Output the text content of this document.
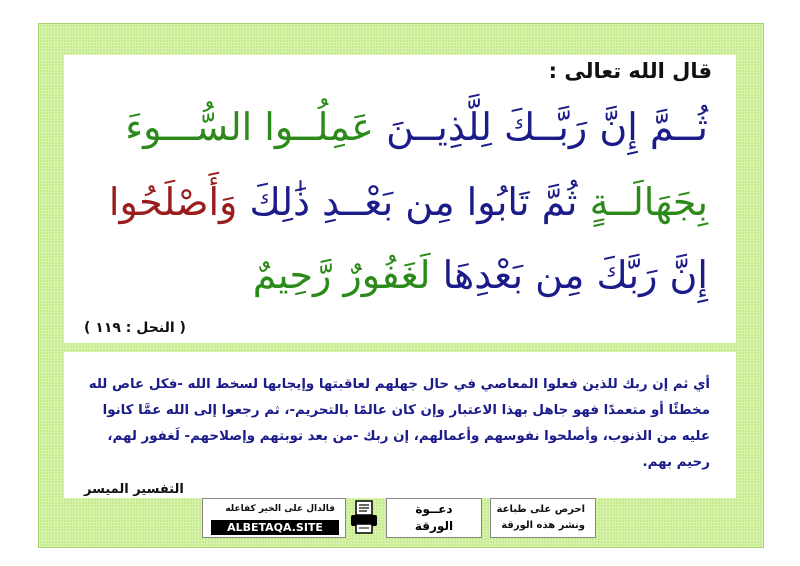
قال الله تعالى :
ثُــمَّ إِنَّ رَبَّــكَ لِلَّذِيــنَ عَمِلُــوا السُّـــوءَ
بِجَهَالَــةٍ ثُمَّ تَابُوا مِن بَعْــدِ ذَٰلِكَ وَأَصْلَحُوا
إِنَّ رَبَّكَ مِن بَعْدِهَا لَغَفُورٌ رَّحِيمٌ
( النحل : ١١٩ )
أي ثم إن ربك للذين فعلوا المعاصي في حال جهلهم لعاقبتها وإيجابها لسخط الله -فكل عاص لله مخطئًا أو متعمدًا فهو جاهل بهذا الاعتبار وإن كان عالمًا بالتحريم-، ثم رجعوا إلى الله عمَّا كانوا عليه من الذنوب، وأصلحوا نفوسهم وأعمالهم، إن ربك -من بعد توبتهم وإصلاحهم- لَغفور لهم، رحيم بهم.
التفسير الميسر
فالدال على الخير كفاعله
ALBETAQA.SITE
دعــوة
الورقة
احرص على طباعة
ونشر هذه الورقة
